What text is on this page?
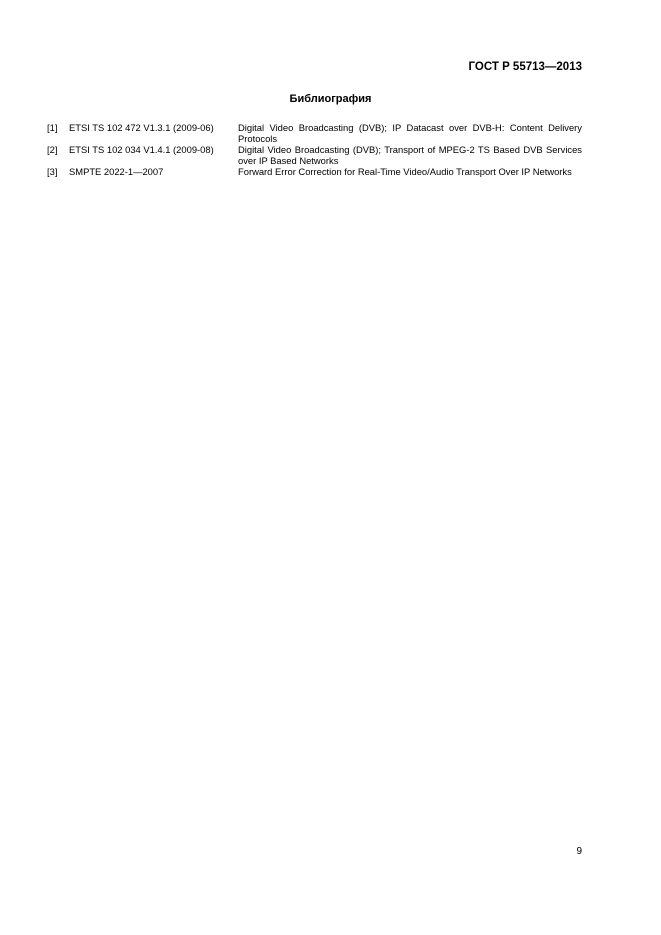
ГОСТ Р 55713—2013
Библиография
[1]	ETSI TS 102 472 V1.3.1 (2009-06)	Digital Video Broadcasting (DVB); IP Datacast over DVB-H: Content Delivery Protocols
[2]	ETSI TS 102 034 V1.4.1 (2009-08)	Digital Video Broadcasting (DVB); Transport of MPEG-2 TS Based DVB Services over IP Based Networks
[3]	SMPTE 2022-1—2007	Forward Error Correction for Real-Time Video/Audio Transport Over IP Networks
9
